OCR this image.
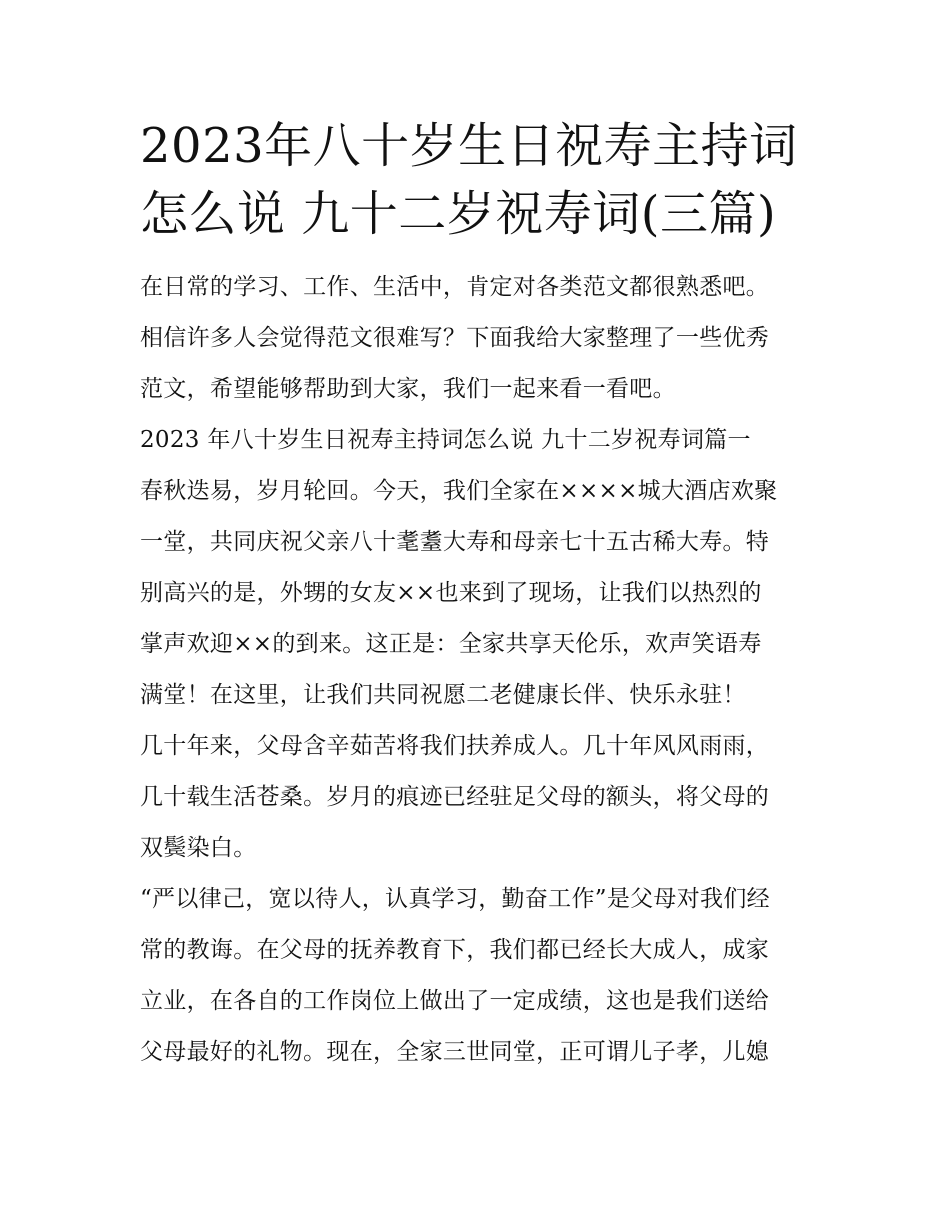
2023年八十岁生日祝寿主持词
怎么说 九十二岁祝寿词(三篇)
在日常的学习、工作、生活中，肯定对各类范文都很熟悉吧。
相信许多人会觉得范文很难写？下面我给大家整理了一些优秀
范文，希望能够帮助到大家，我们一起来看一看吧。
2023 年八十岁生日祝寿主持词怎么说 九十二岁祝寿词篇一
春秋迭易，岁月轮回。今天，我们全家在××××城大酒店欢聚
一堂，共同庆祝父亲八十耄耋大寿和母亲七十五古稀大寿。特
别高兴的是，外甥的女友××也来到了现场，让我们以热烈的
掌声欢迎××的到来。这正是：全家共享天伦乐，欢声笑语寿
满堂！在这里，让我们共同祝愿二老健康长伴、快乐永驻！
几十年来，父母含辛茹苦将我们扶养成人。几十年风风雨雨，
几十载生活苍桑。岁月的痕迹已经驻足父母的额头，将父母的
双鬓染白。
“严以律己，宽以待人，认真学习，勤奋工作”是父母对我们经
常的教诲。在父母的抚养教育下，我们都已经长大成人，成家
立业，在各自的工作岗位上做出了一定成绩，这也是我们送给
父母最好的礼物。现在，全家三世同堂，正可谓儿子孝，儿媳
